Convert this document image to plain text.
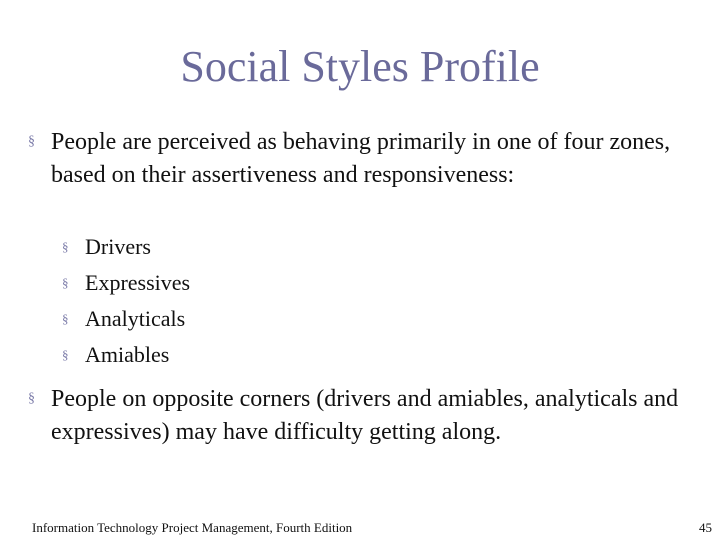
Social Styles Profile
§ People are perceived as behaving primarily in one of four zones, based on their assertiveness and responsiveness:
§ Drivers
§ Expressives
§ Analyticals
§ Amiables
§ People on opposite corners (drivers and amiables, analyticals and expressives) may have difficulty getting along.
Information Technology Project Management, Fourth Edition	45
